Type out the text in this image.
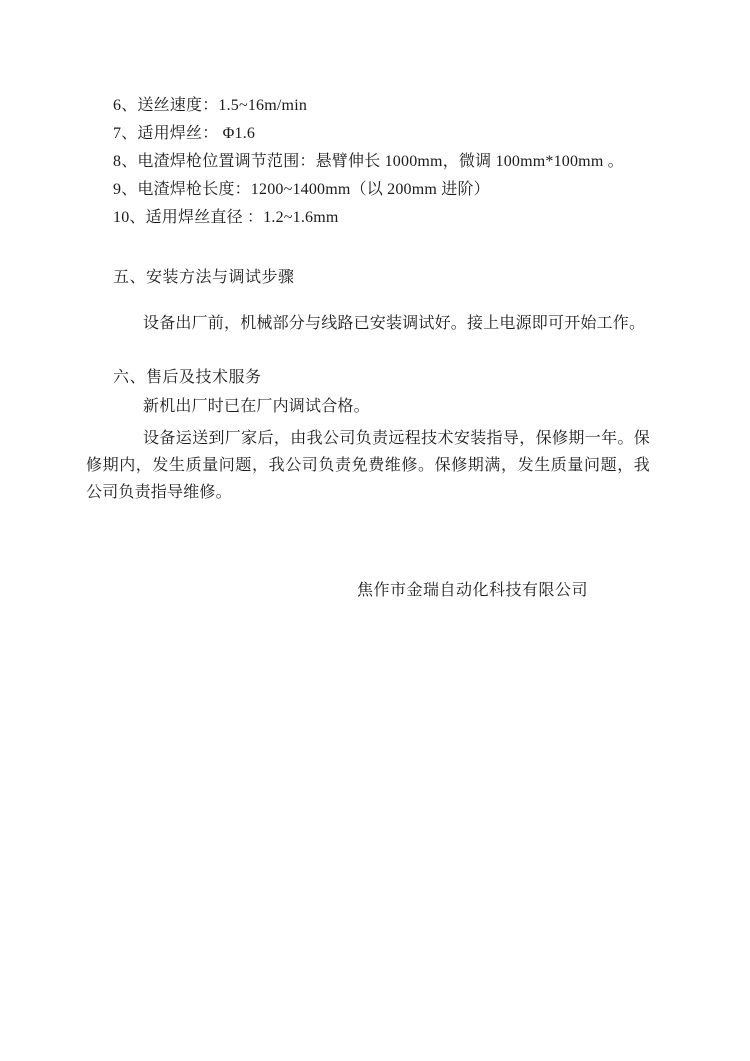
6、送丝速度：1.5~16m/min

7、适用焊丝： Φ1.6

8、电渣焊枪位置调节范围：悬臂伸长 1000mm，微调 100mm*100mm 。

9、电渣焊枪长度：1200~1400mm（以 200mm 进阶）

10、适用焊丝直径 ：1.2~1.6mm

五、安装方法与调试步骤

设备出厂前，机械部分与线路已安装调试好。接上电源即可开始工作。

六、售后及技术服务

新机出厂时已在厂内调试合格。

设备运送到厂家后，由我公司负责远程技术安装指导，保修期一年。保修期内，发生质量问题，我公司负责免费维修。保修期满，发生质量问题，我公司负责指导维修。

焦作市金瑞自动化科技有限公司
